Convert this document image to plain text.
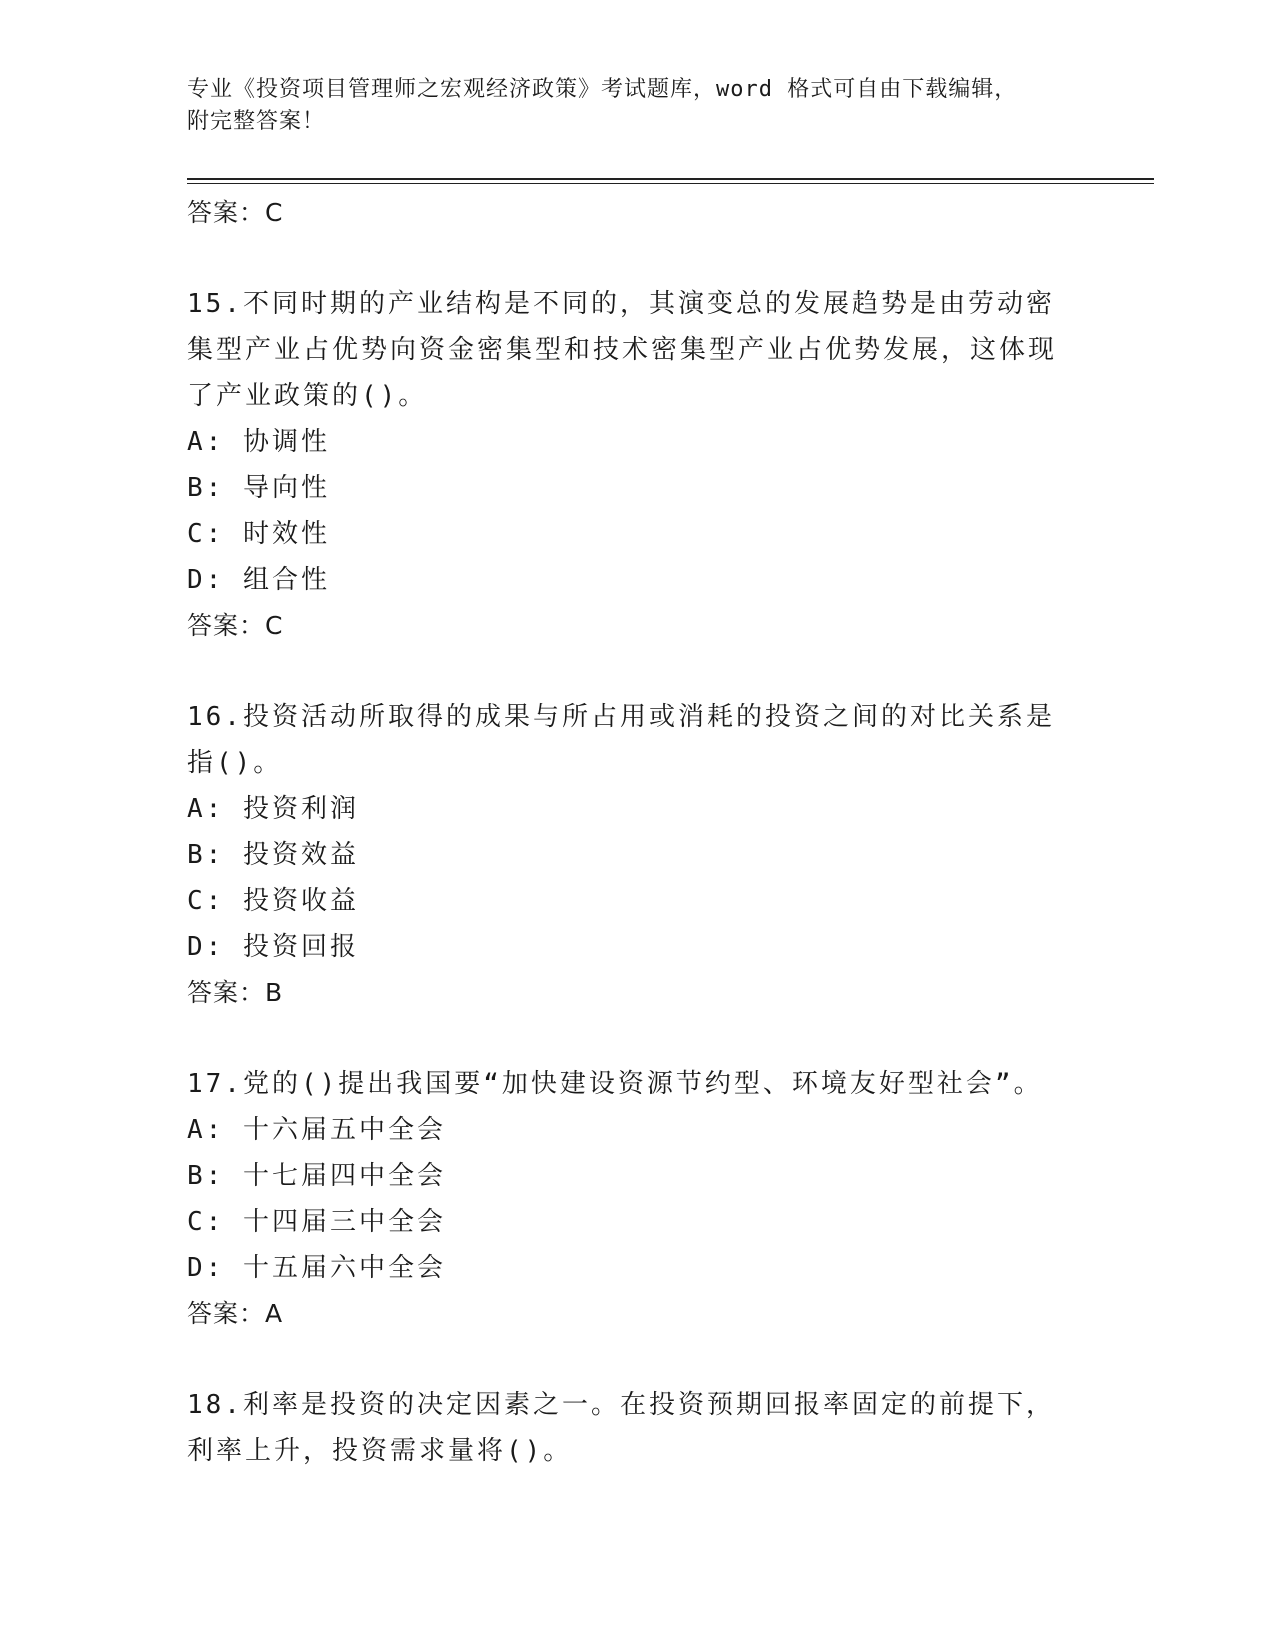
专业《投资项目管理师之宏观经济政策》考试题库，word 格式可自由下载编辑，
附完整答案！

答案：C

15.不同时期的产业结构是不同的，其演变总的发展趋势是由劳动密集型产业占优势向资金密集型和技术密集型产业占优势发展，这体现了产业政策的()。

A: 协调性

B: 导向性

C: 时效性

D: 组合性

答案：C

16.投资活动所取得的成果与所占用或消耗的投资之间的对比关系是指()。

A: 投资利润

B: 投资效益

C: 投资收益

D: 投资回报

答案：B

17.党的()提出我国要“加快建设资源节约型、环境友好型社会”。

A: 十六届五中全会

B: 十七届四中全会

C: 十四届三中全会

D: 十五届六中全会

答案：A

18.利率是投资的决定因素之一。在投资预期回报率固定的前提下，利率上升，投资需求量将()。
